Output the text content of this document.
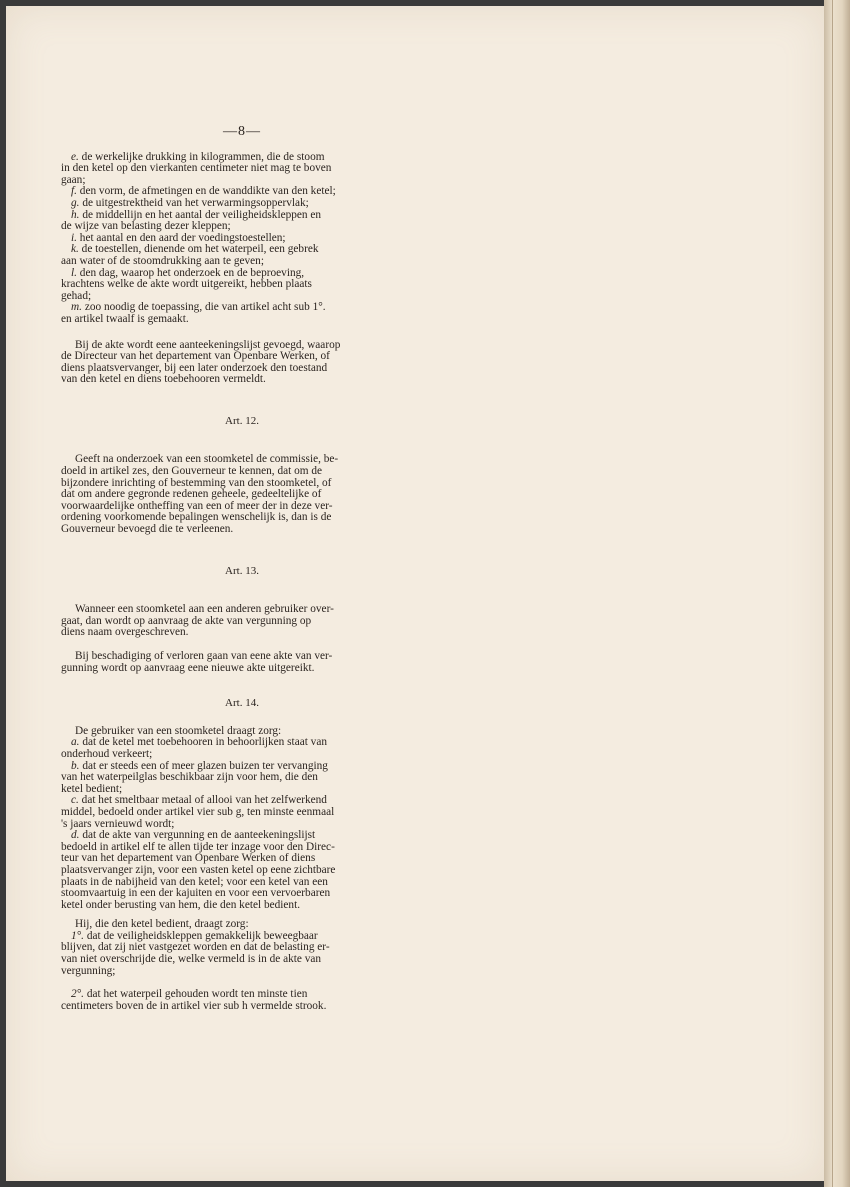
—8—
e. de werkelijke drukking in kilogrammen, die de stoom
in den ketel op den vierkanten centimeter niet mag te boven
gaan;
f. den vorm, de afmetingen en de wanddikte van den ketel;
g. de uitgestrektheid van het verwarmingsoppervlak;
h. de middellijn en het aantal der veiligheidskleppen en
de wijze van belasting dezer kleppen;
i. het aantal en den aard der voedingstoestellen;
k. de toestellen, dienende om het waterpeil, een gebrek
aan water of de stoomdrukking aan te geven;
l. den dag, waarop het onderzoek en de beproeving,
krachtens welke de akte wordt uitgereikt, hebben plaats
gehad;
m. zoo noodig de toepassing, die van artikel acht sub 1°.
en artikel twaalf is gemaakt.
Bij de akte wordt eene aanteekeningslijst gevoegd, waarop
de Directeur van het departement van Openbare Werken, of
diens plaatsvervanger, bij een later onderzoek den toestand
van den ketel en diens toebehooren vermeldt.
Art. 12.
Geeft na onderzoek van een stoomketel de commissie, be-
doeld in artikel zes, den Gouverneur te kennen, dat om de
bijzondere inrichting of bestemming van den stoomketel, of
dat om andere gegronde redenen geheele, gedeeltelijke of
voorwaardelijke ontheffing van een of meer der in deze ver-
ordening voorkomende bepalingen wenschelijk is, dan is de
Gouverneur bevoegd die te verleenen.
Art. 13.
Wanneer een stoomketel aan een anderen gebruiker over-
gaat, dan wordt op aanvraag de akte van vergunning op
diens naam overgeschreven.
Bij beschadiging of verloren gaan van eene akte van ver-
gunning wordt op aanvraag eene nieuwe akte uitgereikt.
Art. 14.
De gebruiker van een stoomketel draagt zorg:
a. dat de ketel met toebehooren in behoorlijken staat van
onderhoud verkeert;
b. dat er steeds een of meer glazen buizen ter vervanging
van het waterpeilglas beschikbaar zijn voor hem, die den
ketel bedient;
c. dat het smeltbaar metaal of allooi van het zelfwerkend
middel, bedoeld onder artikel vier sub g, ten minste eenmaal
's jaars vernieuwd wordt;
d. dat de akte van vergunning en de aanteekeningslijst
bedoeld in artikel elf te allen tijde ter inzage voor den Direc-
teur van het departement van Openbare Werken of diens
plaatsvervanger zijn, voor een vasten ketel op eene zichtbare
plaats in de nabijheid van den ketel; voor een ketel van een
stoomvaartuig in een der kajuiten en voor een vervoerbaren
ketel onder berusting van hem, die den ketel bedient.
Hij, die den ketel bedient, draagt zorg:
1°. dat de veiligheidskleppen gemakkelijk beweegbaar
blijven, dat zij niet vastgezet worden en dat de belasting er-
van niet overschrijde die, welke vermeld is in de akte van
vergunning;
2°. dat het waterpeil gehouden wordt ten minste tien
centimeters boven de in artikel vier sub h vermelde strook.
